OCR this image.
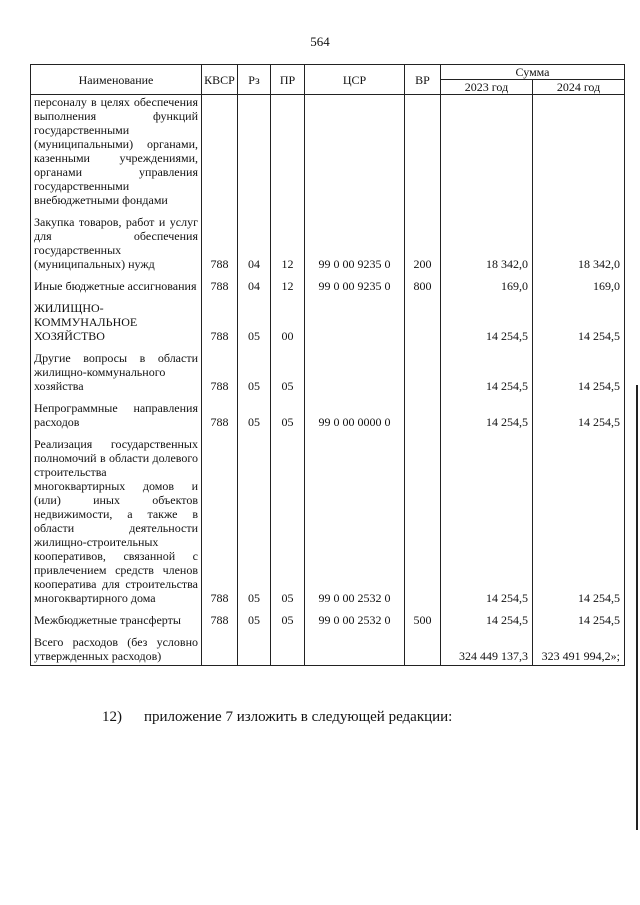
564
Наименование	КВСР	Рз	ПР	ЦСР	ВР	Сумма	
						2023 год	2024 год
персоналу в целях обеспечения выполнения функций государственными (муниципальными) органами, казенными учреждениями, органами управления государственными внебюджетными фондами							
Закупка товаров, работ и услуг для обеспечения государственных (муниципальных) нужд	788	04	12	99 0 00 9235 0	200	18 342,0	18 342,0
Иные бюджетные ассигнования	788	04	12	99 0 00 9235 0	800	169,0	169,0
ЖИЛИЩНО-КОММУНАЛЬНОЕ ХОЗЯЙСТВО	788	05	00			14 254,5	14 254,5
Другие вопросы в области жилищно-коммунального хозяйства	788	05	05			14 254,5	14 254,5
Непрограммные направления расходов	788	05	05	99 0 00 0000 0		14 254,5	14 254,5
Реализация государственных полномочий в области долевого строительства многоквартирных домов и (или) иных объектов недвижимости, а также в области деятельности жилищно-строительных кооперативов, связанной с привлечением средств членов кооператива для строительства многоквартирного дома	788	05	05	99 0 00 2532 0		14 254,5	14 254,5
Межбюджетные трансферты	788	05	05	99 0 00 2532 0	500	14 254,5	14 254,5
Всего расходов (без условно утвержденных расходов)						324 449 137,3	323 491 994,2»;
12) приложение 7 изложить в следующей редакции:
